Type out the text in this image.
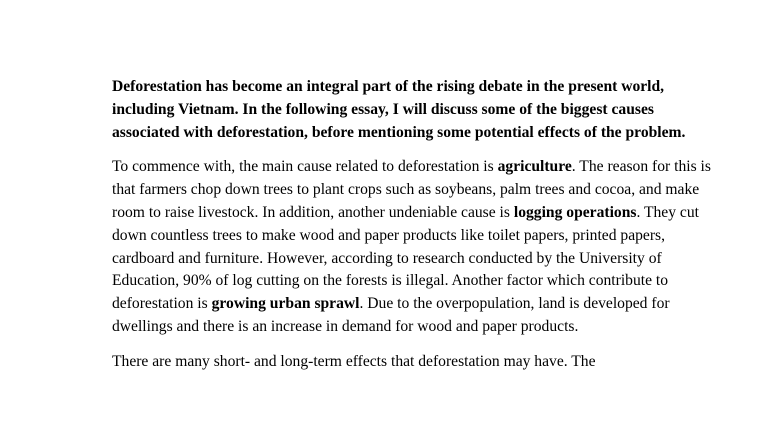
Deforestation has become an integral part of the rising debate in the present world, including Vietnam. In the following essay, I will discuss some of the biggest causes associated with deforestation, before mentioning some potential effects of the problem.

To commence with, the main cause related to deforestation is agriculture. The reason for this is that farmers chop down trees to plant crops such as soybeans, palm trees and cocoa, and make room to raise livestock. In addition, another undeniable cause is logging operations. They cut down countless trees to make wood and paper products like toilet papers, printed papers, cardboard and furniture. However, according to research conducted by the University of Education, 90% of log cutting on the forests is illegal. Another factor which contribute to deforestation is growing urban sprawl. Due to the overpopulation, land is developed for dwellings and there is an increase in demand for wood and paper products.

There are many short- and long-term effects that deforestation may have. The
